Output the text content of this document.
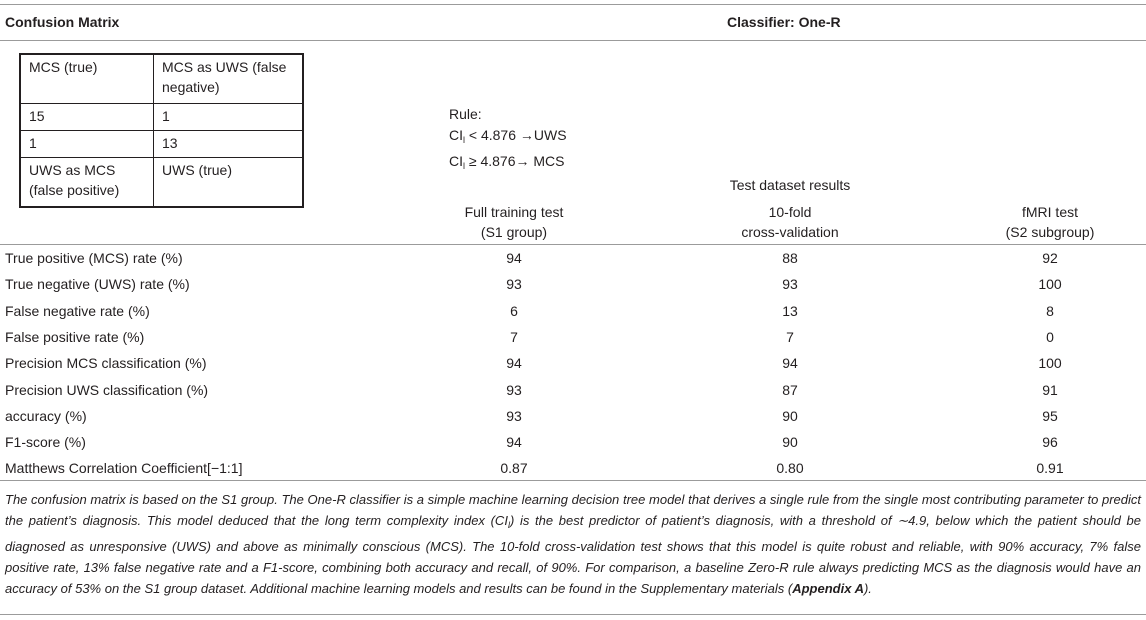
Confusion Matrix	Classifier: One-R
MCS (true)	MCS as UWS (false negative)
15	1
1	13
UWS as MCS (false positive)	UWS (true)
Rule:
$CI_l < 4.876 \to UWS$
$CI_l \ge 4.876\to$ MCS
Test dataset results
Full training test
(S1 group)
10-fold
cross-validation
fMRI test
(S2 subgroup)
True positive (MCS) rate (%)	94	88	92
True negative (UWS) rate (%)	93	93	100
False negative rate (%)	6	13	8
False positive rate (%)	7	7	0
Precision MCS classification (%)	94	94	100
Precision UWS classification (%)	93	87	91
accuracy (%)	93	90	95
F1-score (%)	94	90	96
Matthews Correlation Coefficient[−1:1]	0.87	0.80	0.91
The confusion matrix is based on the S1 group. The One-R classifier is a simple machine learning decision tree model that derives a single rule from the single most contributing parameter to predict the patient’s diagnosis. This model deduced that the long term complexity index $(CI_l)$ is the best predictor of patient’s diagnosis, with a threshold of ∼4.9, below which the patient should be diagnosed as unresponsive (UWS) and above as minimally conscious (MCS). The 10-fold cross-validation test shows that this model is quite robust and reliable, with 90% accuracy, 7% false positive rate, 13% false negative rate and a F1-score, combining both accuracy and recall, of 90%. For comparison, a baseline Zero-R rule always predicting MCS as the diagnosis would have an accuracy of 53% on the S1 group dataset. Additional machine learning models and results can be found in the Supplementary materials (Appendix A).
